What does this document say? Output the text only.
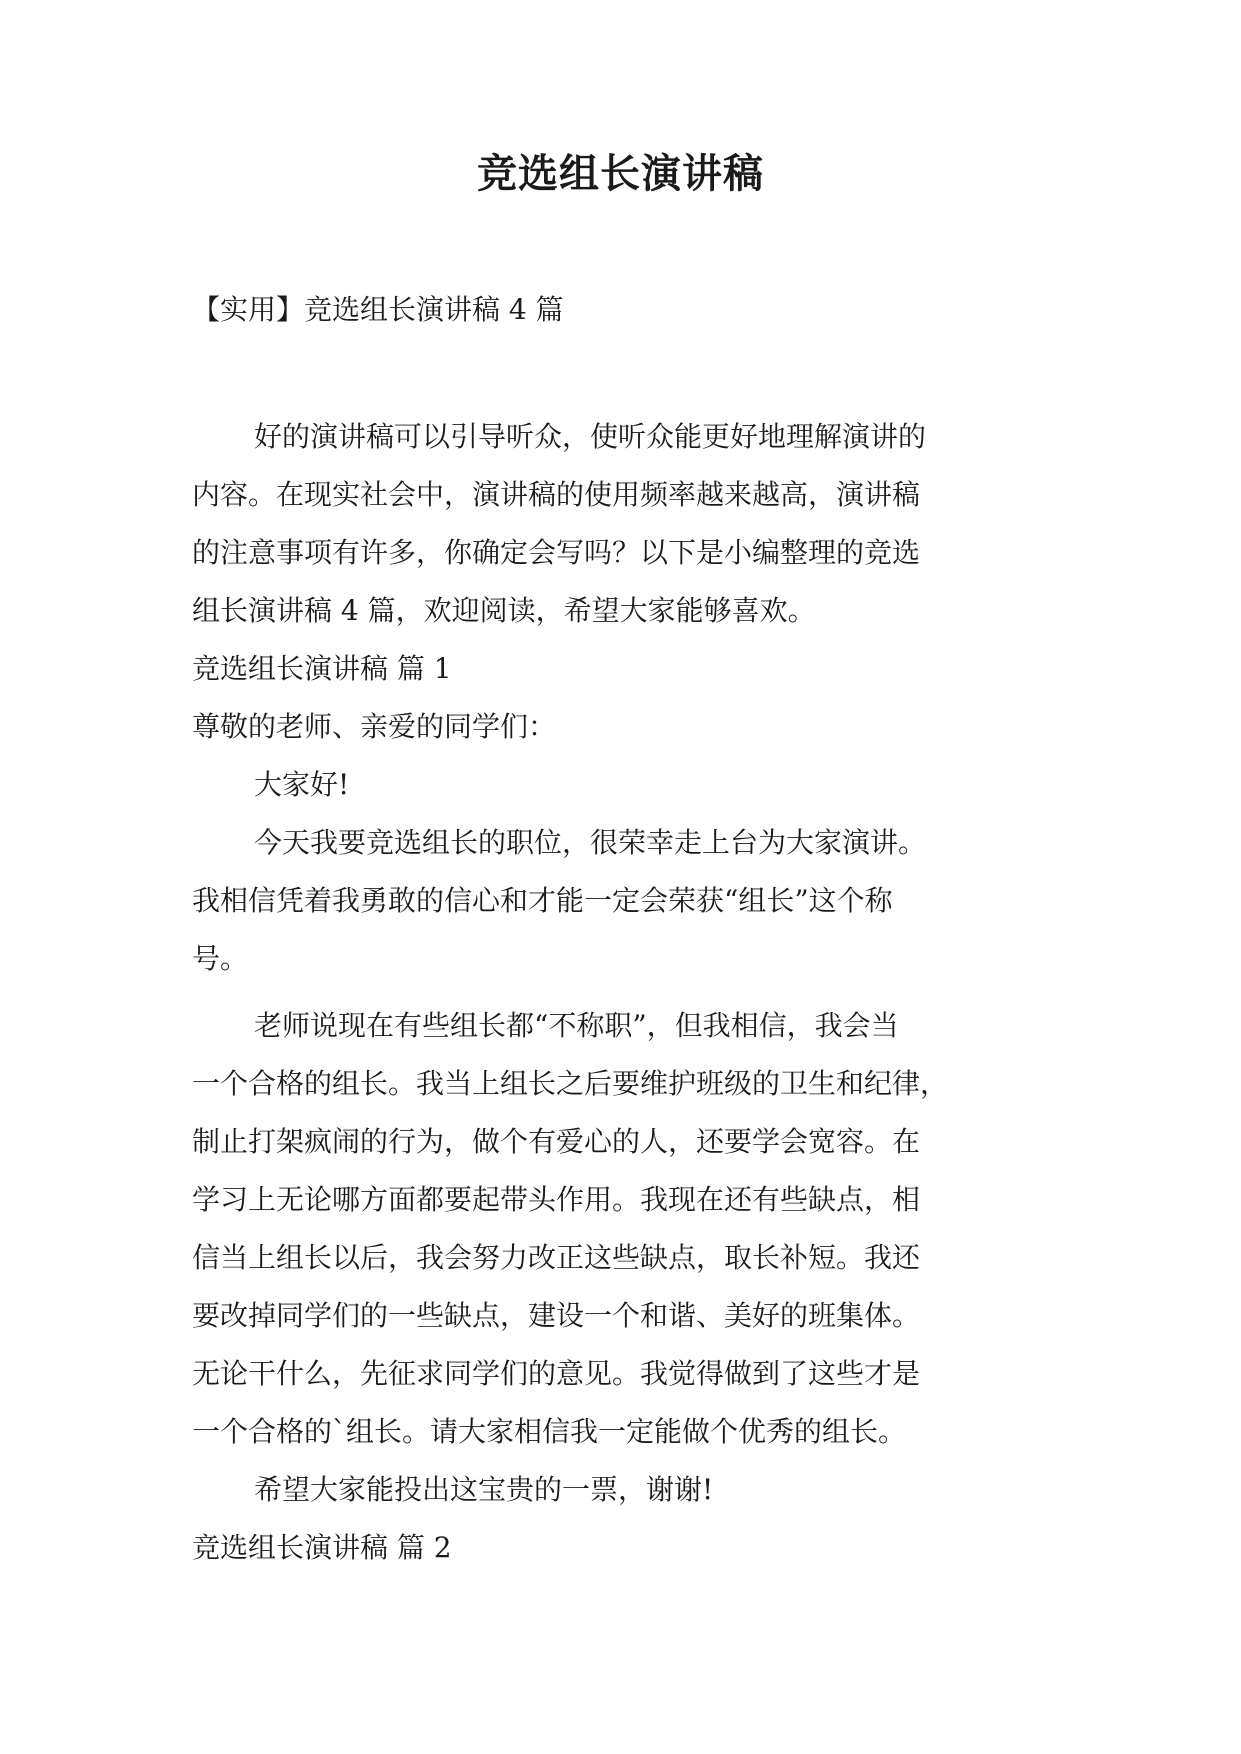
竞选组长演讲稿
【实用】竞选组长演讲稿 4 篇
好的演讲稿可以引导听众，使听众能更好地理解演讲的
内容。在现实社会中，演讲稿的使用频率越来越高，演讲稿
的注意事项有许多，你确定会写吗？以下是小编整理的竞选
组长演讲稿 4 篇，欢迎阅读，希望大家能够喜欢。
竞选组长演讲稿 篇 1
尊敬的老师、亲爱的同学们：
大家好!
今天我要竞选组长的职位，很荣幸走上台为大家演讲。
我相信凭着我勇敢的信心和才能一定会荣获“组长”这个称
号。
老师说现在有些组长都“不称职”，但我相信，我会当
一个合格的组长。我当上组长之后要维护班级的卫生和纪律，
制止打架疯闹的行为，做个有爱心的人，还要学会宽容。在
学习上无论哪方面都要起带头作用。我现在还有些缺点，相
信当上组长以后，我会努力改正这些缺点，取长补短。我还
要改掉同学们的一些缺点，建设一个和谐、美好的班集体。
无论干什么，先征求同学们的意见。我觉得做到了这些才是
一个合格的`组长。请大家相信我一定能做个优秀的组长。
希望大家能投出这宝贵的一票，谢谢!
竞选组长演讲稿 篇 2
